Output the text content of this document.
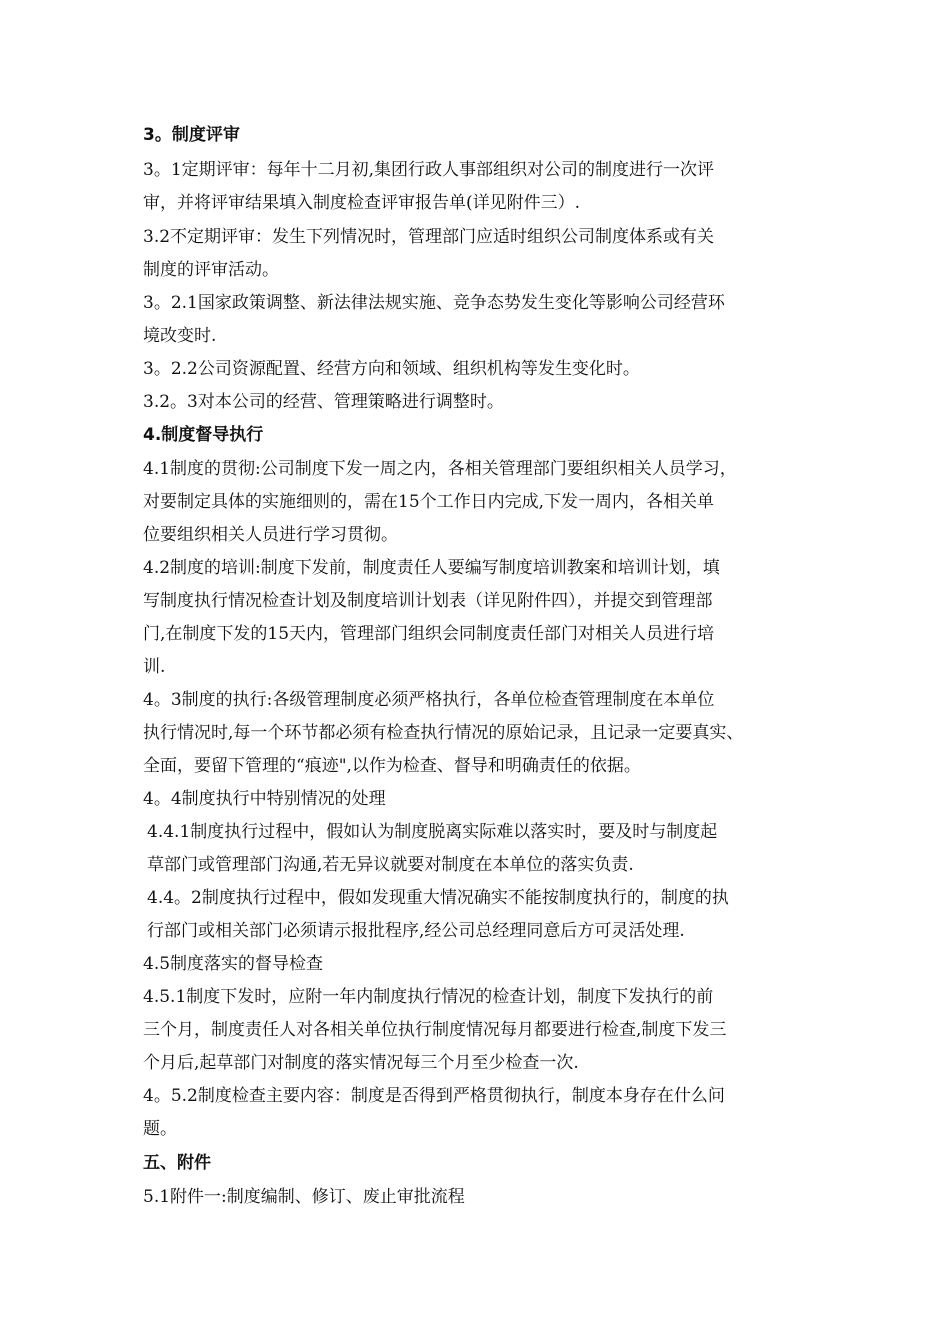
3。制度评审
3。1定期评审：每年十二月初,集团行政人事部组织对公司的制度进行一次评
审，并将评审结果填入制度检查评审报告单(详见附件三）.
3.2不定期评审：发生下列情况时，管理部门应适时组织公司制度体系或有关
制度的评审活动。
3。2.1国家政策调整、新法律法规实施、竞争态势发生变化等影响公司经营环
境改变时.
3。2.2公司资源配置、经营方向和领域、组织机构等发生变化时。
3.2。3对本公司的经营、管理策略进行调整时。
4.制度督导执行
4.1制度的贯彻:公司制度下发一周之内，各相关管理部门要组织相关人员学习，
对要制定具体的实施细则的，需在15个工作日内完成,下发一周内，各相关单
位要组织相关人员进行学习贯彻。
4.2制度的培训:制度下发前，制度责任人要编写制度培训教案和培训计划，填
写制度执行情况检查计划及制度培训计划表（详见附件四），并提交到管理部
门,在制度下发的15天内，管理部门组织会同制度责任部门对相关人员进行培
训.
4。3制度的执行:各级管理制度必须严格执行，各单位检查管理制度在本单位
执行情况时,每一个环节都必须有检查执行情况的原始记录，且记录一定要真实、
全面，要留下管理的“痕迹",以作为检查、督导和明确责任的依据。
4。4制度执行中特别情况的处理
4.4.1制度执行过程中，假如认为制度脱离实际难以落实时，要及时与制度起
草部门或管理部门沟通,若无异议就要对制度在本单位的落实负责.
4.4。2制度执行过程中，假如发现重大情况确实不能按制度执行的，制度的执
行部门或相关部门必须请示报批程序,经公司总经理同意后方可灵活处理.
4.5制度落实的督导检查
4.5.1制度下发时，应附一年内制度执行情况的检查计划，制度下发执行的前
三个月，制度责任人对各相关单位执行制度情况每月都要进行检查,制度下发三
个月后,起草部门对制度的落实情况每三个月至少检查一次.
4。5.2制度检查主要内容：制度是否得到严格贯彻执行，制度本身存在什么问
题。
五、附件
5.1附件一:制度编制、修订、废止审批流程
